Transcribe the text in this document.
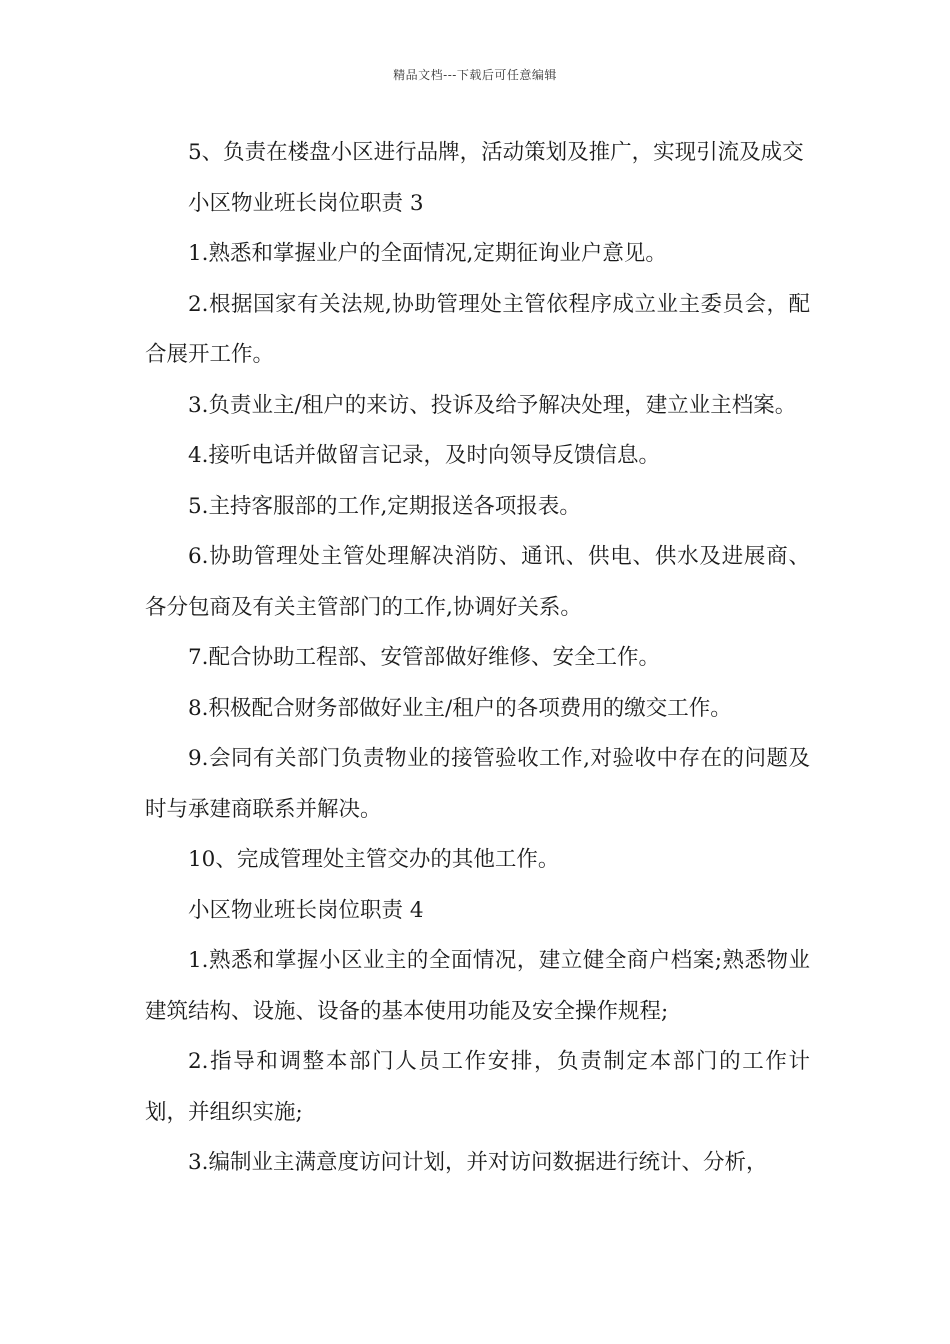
精品文档---下载后可任意编辑

5、负责在楼盘小区进行品牌，活动策划及推广，实现引流及成交

小区物业班长岗位职责 3

1.熟悉和掌握业户的全面情况,定期征询业户意见。

2.根据国家有关法规,协助管理处主管依程序成立业主委员会，配合展开工作。

3.负责业主/租户的来访、投诉及给予解决处理，建立业主档案。

4.接听电话并做留言记录，及时向领导反馈信息。

5.主持客服部的工作,定期报送各项报表。

6.协助管理处主管处理解决消防、通讯、供电、供水及进展商、各分包商及有关主管部门的工作,协调好关系。

7.配合协助工程部、安管部做好维修、安全工作。

8.积极配合财务部做好业主/租户的各项费用的缴交工作。

9.会同有关部门负责物业的接管验收工作,对验收中存在的问题及时与承建商联系并解决。

10、完成管理处主管交办的其他工作。

小区物业班长岗位职责 4

1.熟悉和掌握小区业主的全面情况，建立健全商户档案;熟悉物业建筑结构、设施、设备的基本使用功能及安全操作规程;

2.指导和调整本部门人员工作安排，负责制定本部门的工作计划，并组织实施;

3.编制业主满意度访问计划，并对访问数据进行统计、分析，
